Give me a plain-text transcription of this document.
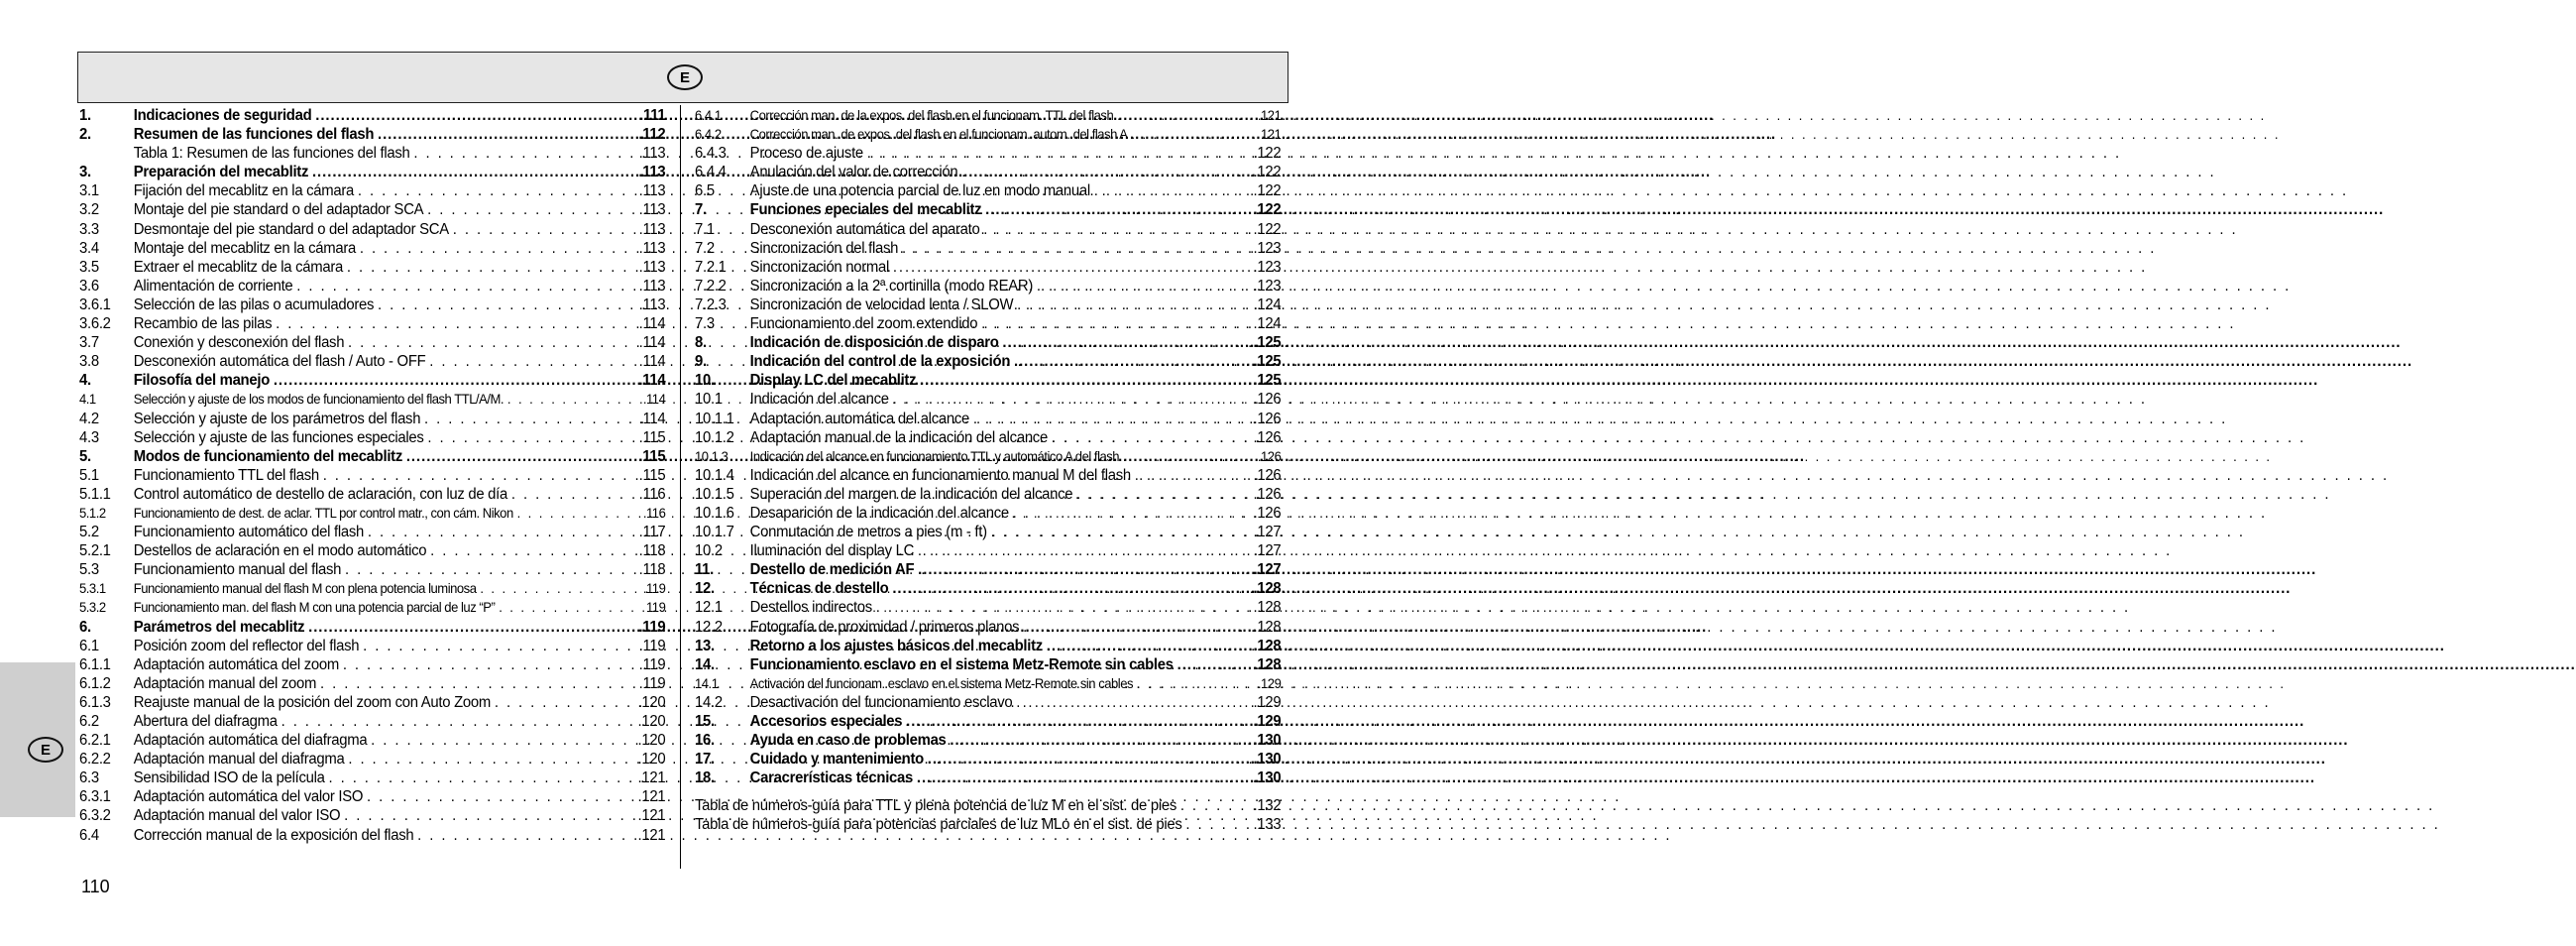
E
E
1.	Indicaciones de seguridad .....	.111
2.	Resumen de las funciones del flash .....	.112
Tabla 1: Resumen de las funciones del flash . . .	.113
3.	Preparación del mecablitz .....	.113
3.1	Fijación del mecablitz en la cámara . . .	.113
3.2	Montaje del pie standard o del adaptador SCA . . .	.113
3.3	Desmontaje del pie standard o del adaptador SCA . . .	.113
3.4	Montaje del mecablitz en la cámara . . .	.113
3.5	Extraer el mecablitz de la cámara . . .	.113
3.6	Alimentación de corriente . . .	.113
3.6.1	Selección de las pilas o acumuladores . . .	.113
3.6.2	Recambio de las pilas . . .	.114
3.7	Conexión y desconexión del flash . . .	.114
3.8	Desconexión automática del flash / Auto - OFF . . .	.114
4.	Filosofía del manejo .....	.114
4.1	Selección y ajuste de los modos de funcionamiento del flash TTL/A/M. . . .	.114
4.2	Selección y ajuste de los parámetros del flash . . .	.114
4.3	Selección y ajuste de las funciones especiales . . .	.115
5.	Modos de funcionamiento del mecablitz .....	.115
5.1	Funcionamiento TTL del flash . . .	.115
5.1.1	Control automático de destello de aclaración, con luz de día . . .	.116
5.1.2	Funcionamiento de dest. de aclar. TTL por control matr., con cám. Nikon . . .	.116
5.2	Funcionamiento automático del flash . . .	.117
5.2.1	Destellos de aclaración en el modo automático . . .	.118
5.3	Funcionamiento manual del flash . . .	.118
5.3.1	Funcionamiento manual del flash M con plena potencia luminosa . . .	.119
5.3.2	Funcionamiento man. del flash M con una potencia parcial de luz “P” . . .	119
6.	Parámetros del mecablitz .....	.119
6.1	Posición zoom del reflector del flash . . .	.119
6.1.1	Adaptación automática del zoom . . .	.119
6.1.2	Adaptación manual del zoom . . .	.119
6.1.3	Reajuste manual de la posición del zoom con Auto Zoom . . .	.120
6.2	Abertura del diafragma . . .	.120
6.2.1	Adaptación automática del diafragma . . .	.120
6.2.2	Adaptación manual del diafragma . . .	.120
6.3	Sensibilidad ISO de la película . . .	.121
6.3.1	Adaptación automática del valor ISO . . .	.121
6.3.2	Adaptación manual del valor ISO . . .	.121
6.4	Corrección manual de la exposición del flash . . .	.121
6.4.1	Corrección man. de la expos. del flash en el funcionam. TTL del flash . . .	.121
6.4.2	Corrección man. de expos. del flash en el funcionam. autom. del flash A . . .	121
6.4.3	Proceso de ajuste . . .	.122
6.4.4	Anulación del valor de corrección . . .	.122
6.5	Ajuste de una potencia parcial de luz en modo manual . . .	.122
7.	Funciones epeciales del mecablitz .....	.122
7.1	Desconexión automática del aparato . . .	.122
7.2	Sincronización del flash . . .	.123
7.2.1	Sincronización normal . . .	.123
7.2.2	Sincronización a la 2ª cortinilla (modo REAR) . . .	.123
7.2.3	Sincronización de velocidad lenta / SLOW . . .	.124
7.3	Funcionamiento del zoom extendido . . .	.124
8.	Indicación de disposición de disparo .....	.125
9.	Indicación del control de la exposición .....	.125
10.	Display LC del mecablitz .....	.125
10.1	Indicación del alcance . . .	.126
10.1.1	Adaptación automática del alcance . . .	.126
10.1.2	Adaptación manual de la indicación del alcance . . .	.126
10.1.3	Indicación del alcance en funcionamiento TTL y automático A del flash . . .	.126
10.1.4	Indicación del alcance en funcionamiento manual M del flash . . .	.126
10.1.5	Superación del margen de la indicación del alcance . . .	.126
10.1.6	Desaparición de la indicación del alcance . . .	.126
10.1.7	Conmutación de metros a pies (m - ft) . . .	.127
10.2	Iluminación del display LC . . .	.127
11.	Destello de medición AF .....	.127
12.	Técnicas de destello .....	.128
12.1	Destellos indirectos . . .	.128
12.2	Fotografía de proximidad / primeros planos . . .	.128
13.	Retorno a los ajustes básicos del mecablitz .....	.128
14.	Funcionamiento esclavo en el sistema Metz-Remote sin cables .....	.128
14.1	Activación del funcionam. esclavo en el sistema Metz-Remote sin cables . . .	129
14.2	Desactivación del funcionamiento esclavo . . .	.129
15.	Accesorios especiales .....	.129
16.	Ayuda en caso de problemas .....	.130
17.	Cuidado y mantenimiento .....	.130
18.	Caracrerísticas técnicas .....	.130
Tabla de números-guía para TTL y plena potencia de luz M en el sist. de pies . . .	.132
Tabla de números-guía para potencias parciales de luz MLo en el sist. de pies . . .	.133
110
